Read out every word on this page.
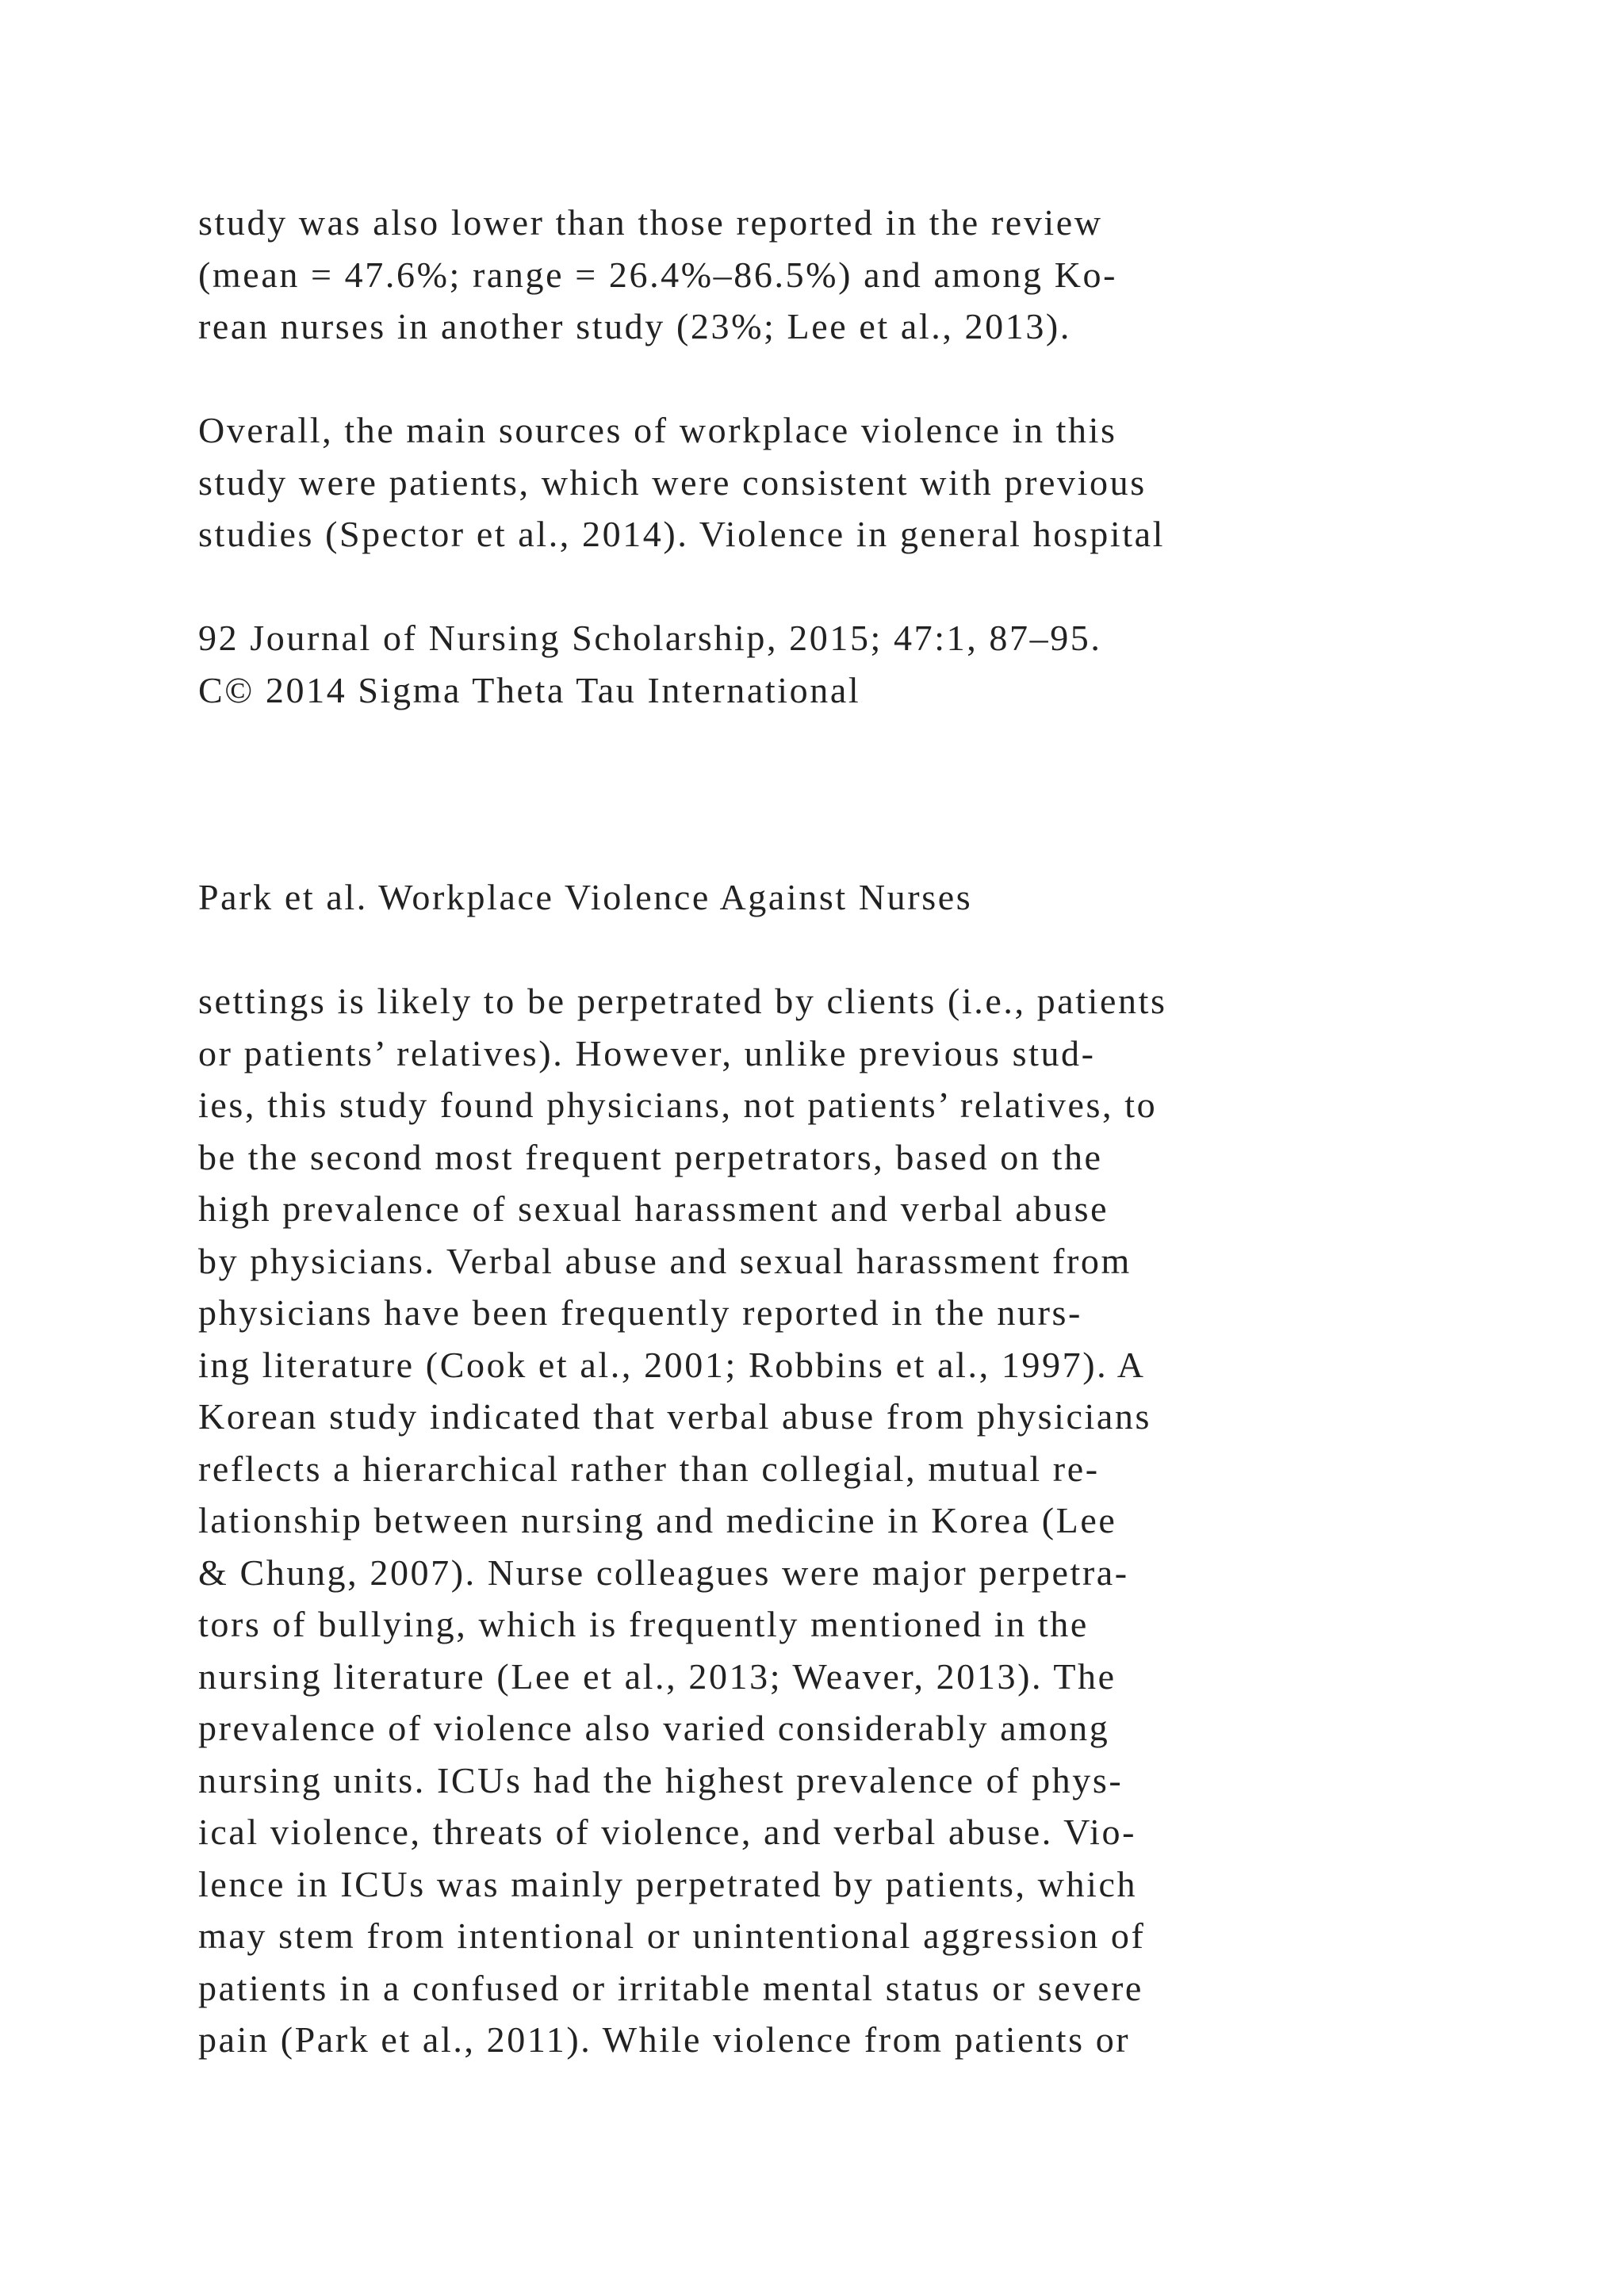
study was also lower than those reported in the review
(mean = 47.6%; range = 26.4%–86.5%) and among Ko-
rean nurses in another study (23%; Lee et al., 2013).
Overall, the main sources of workplace violence in this
study were patients, which were consistent with previous
studies (Spector et al., 2014). Violence in general hospital
92 Journal of Nursing Scholarship, 2015; 47:1, 87–95.
C© 2014 Sigma Theta Tau International
Park et al. Workplace Violence Against Nurses
settings is likely to be perpetrated by clients (i.e., patients
or patients’ relatives). However, unlike previous stud-
ies, this study found physicians, not patients’ relatives, to
be the second most frequent perpetrators, based on the
high prevalence of sexual harassment and verbal abuse
by physicians. Verbal abuse and sexual harassment from
physicians have been frequently reported in the nurs-
ing literature (Cook et al., 2001; Robbins et al., 1997). A
Korean study indicated that verbal abuse from physicians
reflects a hierarchical rather than collegial, mutual re-
lationship between nursing and medicine in Korea (Lee
& Chung, 2007). Nurse colleagues were major perpetra-
tors of bullying, which is frequently mentioned in the
nursing literature (Lee et al., 2013; Weaver, 2013). The
prevalence of violence also varied considerably among
nursing units. ICUs had the highest prevalence of phys-
ical violence, threats of violence, and verbal abuse. Vio-
lence in ICUs was mainly perpetrated by patients, which
may stem from intentional or unintentional aggression of
patients in a confused or irritable mental status or severe
pain (Park et al., 2011). While violence from patients or
